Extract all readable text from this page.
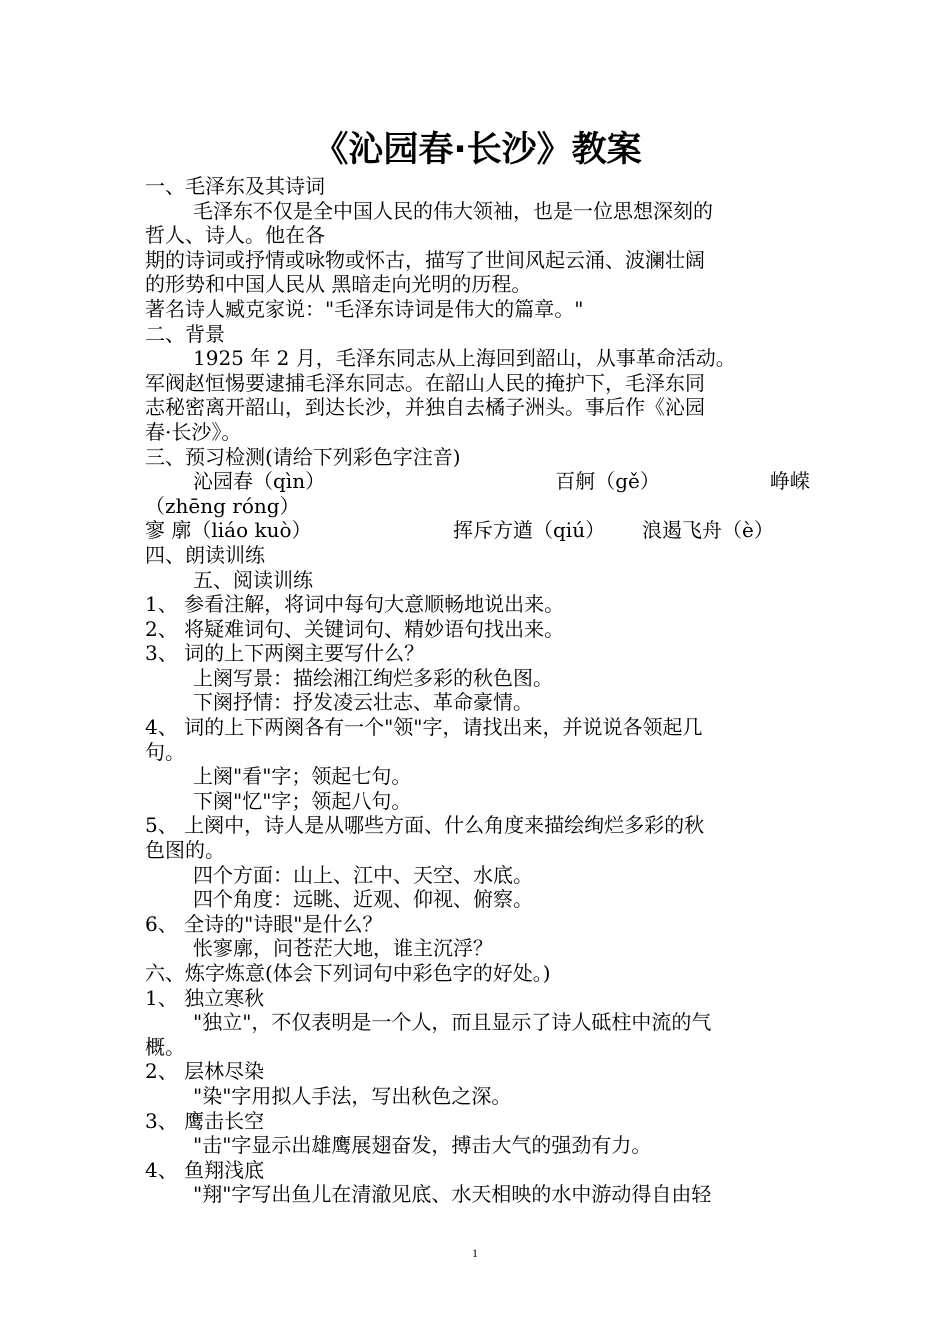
《沁园春·长沙》教案
一、毛泽东及其诗词
毛泽东不仅是全中国人民的伟大领袖，也是一位思想深刻的
哲人、诗人。他在各
期的诗词或抒情或咏物或怀古，描写了世间风起云涌、波澜壮阔
的形势和中国人民从 黑暗走向光明的历程。
著名诗人臧克家说："毛泽东诗词是伟大的篇章。"
二、背景
1925 年 2 月，毛泽东同志从上海回到韶山，从事革命活动。
军阀赵恒惕要逮捕毛泽东同志。在韶山人民的掩护下，毛泽东同
志秘密离开韶山，到达长沙，并独自去橘子洲头。事后作《沁园
春·长沙》。
三、预习检测(请给下列彩色字注音)
沁园春（qìn）	百舸（gě）	峥嵘
（zhēng róng）
寥 廓（liáo kuò）	挥斥方遒（qiú）	浪遏飞舟（è）
四、朗读训练
五、阅读训练
1、 参看注解，将词中每句大意顺畅地说出来。
2、 将疑难词句、关键词句、精妙语句找出来。
3、 词的上下两阕主要写什么？
上阕写景：描绘湘江绚烂多彩的秋色图。
下阕抒情：抒发凌云壮志、革命豪情。
4、 词的上下两阕各有一个"领"字，请找出来，并说说各领起几
句。
上阕"看"字；领起七句。
下阕"忆"字；领起八句。
5、 上阕中，诗人是从哪些方面、什么角度来描绘绚烂多彩的秋
色图的。
四个方面：山上、江中、天空、水底。
四个角度：远眺、近观、仰视、俯察。
6、 全诗的"诗眼"是什么？
怅寥廓，问苍茫大地，谁主沉浮？
六、炼字炼意(体会下列词句中彩色字的好处。)
1、 独立寒秋
"独立"，不仅表明是一个人，而且显示了诗人砥柱中流的气
概。
2、 层林尽染
"染"字用拟人手法，写出秋色之深。
3、 鹰击长空
"击"字显示出雄鹰展翅奋发，搏击大气的强劲有力。
4、 鱼翔浅底
"翔"字写出鱼儿在清澈见底、水天相映的水中游动得自由轻
1
